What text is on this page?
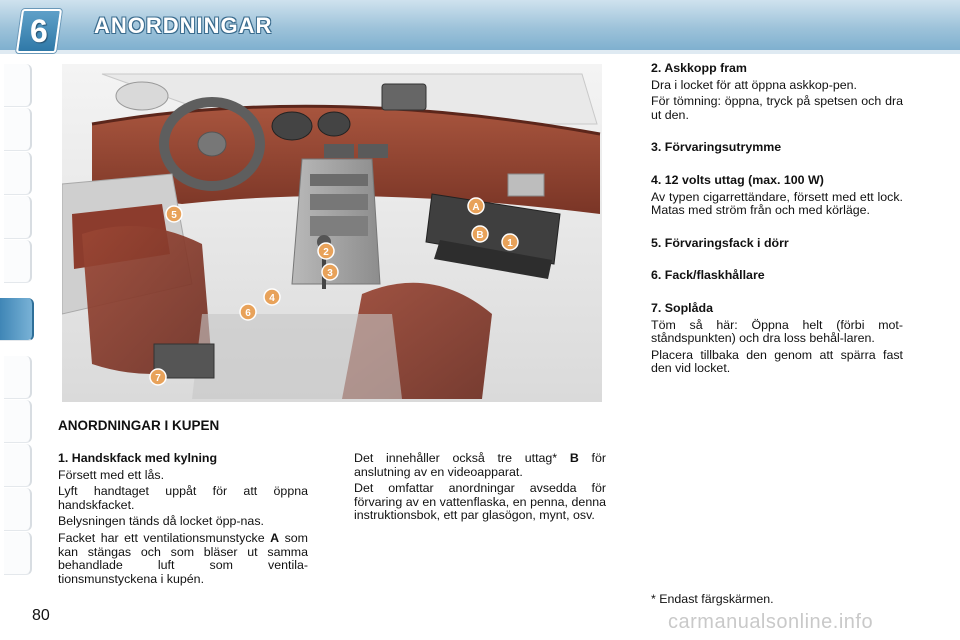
6	ANORDNINGAR
1
2
3
4
5
6
7
A
B
ANORDNINGAR I KUPEN
1. Handskfack med kylning
Försett med ett lås.
Lyft handtaget uppåt för att öppna handskfacket.
Belysningen tänds då locket öpp-nas.
Facket har ett ventilationsmunstycke A som kan stängas och som bläser ut samma behandlade luft som ventila-tionsmunstyckena i kupén.
Det innehåller också tre uttag* B för anslutning av en videoapparat.
Det omfattar anordningar avsedda för förvaring av en vattenflaska, en penna, denna instruktionsbok, ett par glasögon, mynt, osv.
2. Askkopp fram
Dra i locket för att öppna askkop-pen.
För tömning: öppna, tryck på spetsen och dra ut den.
3. Förvaringsutrymme
4. 12 volts uttag (max. 100 W)
Av typen cigarrettändare, försett med ett lock. Matas med ström från och med körläge.
5. Förvaringsfack i dörr
6. Fack/flaskhållare
7. Soplåda
Töm så här: Öppna helt (förbi mot-ståndspunkten) och dra loss behål-laren.
Placera tillbaka den genom att spärra fast den vid locket.
* Endast färgskärmen.
80	carmanualsonline.info
